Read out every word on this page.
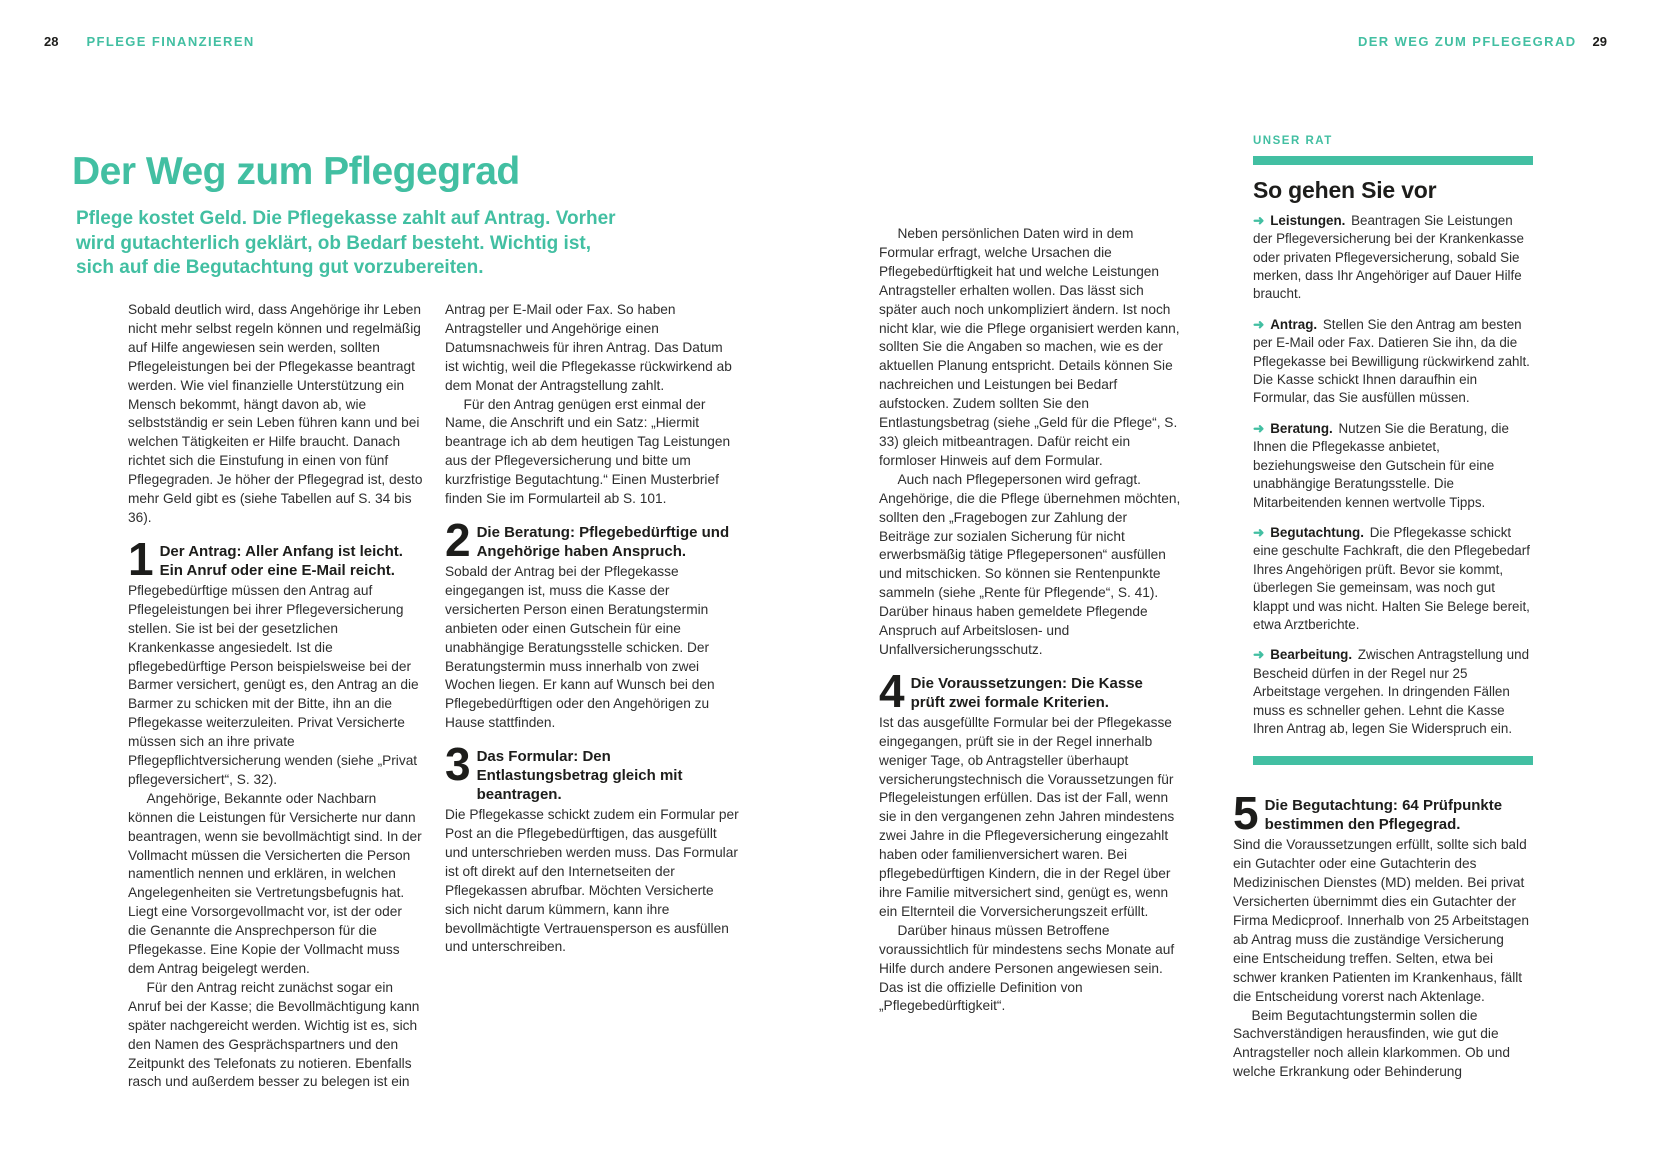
28 PFLEGE FINANZIEREN	DER WEG ZUM PFLEGEGRAD 29
Der Weg zum Pflegegrad

Pflege kostet Geld. Die Pflegekasse zahlt auf Antrag. Vorher wird gutachterlich geklärt, ob Bedarf besteht. Wichtig ist, sich auf die Begutachtung gut vorzubereiten.

Sobald deutlich wird, dass Angehörige ihr Leben nicht mehr selbst regeln können und regelmäßig auf Hilfe angewiesen sein werden, sollten Pflegeleistungen bei der Pflegekasse beantragt werden. Wie viel finanzielle Unterstützung ein Mensch bekommt, hängt davon ab, wie selbstständig er sein Leben führen kann und bei welchen Tätigkeiten er Hilfe braucht. Danach richtet sich die Einstufung in einen von fünf Pflegegraden. Je höher der Pflegegrad ist, desto mehr Geld gibt es (siehe Tabellen auf S. 34 bis 36).

1 Der Antrag: Aller Anfang ist leicht. Ein Anruf oder eine E-Mail reicht.

Pflegebedürftige müssen den Antrag auf Pflegeleistungen bei ihrer Pflegeversicherung stellen. Sie ist bei der gesetzlichen Krankenkasse angesiedelt. Ist die pflegebedürftige Person beispielsweise bei der Barmer versichert, genügt es, den Antrag an die Barmer zu schicken mit der Bitte, ihn an die Pflegekasse weiterzuleiten. Privat Versicherte müssen sich an ihre private Pflegepflichtversicherung wenden (siehe „Privat pflegeversichert“, S. 32).

Angehörige, Bekannte oder Nachbarn können die Leistungen für Versicherte nur dann beantragen, wenn sie bevollmächtigt sind. In der Vollmacht müssen die Versicherten die Person namentlich nennen und erklären, in welchen Angelegenheiten sie Vertretungsbefugnis hat. Liegt eine Vorsorgevollmacht vor, ist der oder die Genannte die Ansprechperson für die Pflegekasse. Eine Kopie der Vollmacht muss dem Antrag beigelegt werden.

Für den Antrag reicht zunächst sogar ein Anruf bei der Kasse; die Bevollmächtigung kann später nachgereicht werden. Wichtig ist es, sich den Namen des Gesprächspartners und den Zeitpunkt des Telefonats zu notieren. Ebenfalls rasch und außerdem besser zu belegen ist ein Antrag per E-Mail oder Fax. So haben Antragsteller und Angehörige einen Datumsnachweis für ihren Antrag. Das Datum ist wichtig, weil die Pflegekasse rückwirkend ab dem Monat der Antragstellung zahlt.

Für den Antrag genügen erst einmal der Name, die Anschrift und ein Satz: „Hiermit beantrage ich ab dem heutigen Tag Leistungen aus der Pflegeversicherung und bitte um kurzfristige Begutachtung.“ Einen Musterbrief finden Sie im Formularteil ab S. 101.

2 Die Beratung: Pflegebedürftige und Angehörige haben Anspruch.

Sobald der Antrag bei der Pflegekasse eingegangen ist, muss die Kasse der versicherten Person einen Beratungstermin anbieten oder einen Gutschein für eine unabhängige Beratungsstelle schicken. Der Beratungstermin muss innerhalb von zwei Wochen liegen. Er kann auf Wunsch bei den Pflegebedürftigen oder den Angehörigen zu Hause stattfinden.

3 Das Formular: Den Entlastungsbetrag gleich mit beantragen.

Die Pflegekasse schickt zudem ein Formular per Post an die Pflegebedürftigen, das ausgefüllt und unterschrieben werden muss. Das Formular ist oft direkt auf den Internetseiten der Pflegekassen abrufbar. Möchten Versicherte sich nicht darum kümmern, kann ihre bevollmächtigte Vertrauensperson es ausfüllen und unterschreiben.

Neben persönlichen Daten wird in dem Formular erfragt, welche Ursachen die Pflegebedürftigkeit hat und welche Leistungen Antragsteller erhalten wollen. Das lässt sich später auch noch unkompliziert ändern. Ist noch nicht klar, wie die Pflege organisiert werden kann, sollten Sie die Angaben so machen, wie es der aktuellen Planung entspricht. Details können Sie nachreichen und Leistungen bei Bedarf aufstocken. Zudem sollten Sie den Entlastungsbetrag (siehe „Geld für die Pflege“, S. 33) gleich mitbeantragen. Dafür reicht ein formloser Hinweis auf dem Formular.

Auch nach Pflegepersonen wird gefragt. Angehörige, die die Pflege übernehmen möchten, sollten den „Fragebogen zur Zahlung der Beiträge zur sozialen Sicherung für nicht erwerbsmäßig tätige Pflegepersonen“ ausfüllen und mitschicken. So können sie Rentenpunkte sammeln (siehe „Rente für Pflegende“, S. 41). Darüber hinaus haben gemeldete Pflegende Anspruch auf Arbeitslosen- und Unfallversicherungsschutz.

4 Die Voraussetzungen: Die Kasse prüft zwei formale Kriterien.

Ist das ausgefüllte Formular bei der Pflegekasse eingegangen, prüft sie in der Regel innerhalb weniger Tage, ob Antragsteller überhaupt versicherungstechnisch die Voraussetzungen für Pflegeleistungen erfüllen. Das ist der Fall, wenn sie in den vergangenen zehn Jahren mindestens zwei Jahre in die Pflegeversicherung eingezahlt haben oder familienversichert waren. Bei pflegebedürftigen Kindern, die in der Regel über ihre Familie mitversichert sind, genügt es, wenn ein Elternteil die Vorversicherungszeit erfüllt.

Darüber hinaus müssen Betroffene voraussichtlich für mindestens sechs Monate auf Hilfe durch andere Personen angewiesen sein. Das ist die offizielle Definition von „Pflegebedürftigkeit“.

UNSER RAT
So gehen Sie vor

➜ Leistungen. Beantragen Sie Leistungen der Pflegeversicherung bei der Krankenkasse oder privaten Pflegeversicherung, sobald Sie merken, dass Ihr Angehöriger auf Dauer Hilfe braucht.

➜ Antrag. Stellen Sie den Antrag am besten per E-Mail oder Fax. Datieren Sie ihn, da die Pflegekasse bei Bewilligung rückwirkend zahlt. Die Kasse schickt Ihnen daraufhin ein Formular, das Sie ausfüllen müssen.

➜ Beratung. Nutzen Sie die Beratung, die Ihnen die Pflegekasse anbietet, beziehungsweise den Gutschein für eine unabhängige Beratungsstelle. Die Mitarbeitenden kennen wertvolle Tipps.

➜ Begutachtung. Die Pflegekasse schickt eine geschulte Fachkraft, die den Pflegebedarf Ihres Angehörigen prüft. Bevor sie kommt, überlegen Sie gemeinsam, was noch gut klappt und was nicht. Halten Sie Belege bereit, etwa Arztberichte.

➜ Bearbeitung. Zwischen Antragstellung und Bescheid dürfen in der Regel nur 25 Arbeitstage vergehen. In dringenden Fällen muss es schneller gehen. Lehnt die Kasse Ihren Antrag ab, legen Sie Widerspruch ein.

5 Die Begutachtung: 64 Prüfpunkte bestimmen den Pflegegrad.

Sind die Voraussetzungen erfüllt, sollte sich bald ein Gutachter oder eine Gutachterin des Medizinischen Dienstes (MD) melden. Bei privat Versicherten übernimmt dies ein Gutachter der Firma Medicproof. Innerhalb von 25 Arbeitstagen ab Antrag muss die zuständige Versicherung eine Entscheidung treffen. Selten, etwa bei schwer kranken Patienten im Krankenhaus, fällt die Entscheidung vorerst nach Aktenlage.

Beim Begutachtungstermin sollen die Sachverständigen herausfinden, wie gut die Antragsteller noch allein klarkommen. Ob und welche Erkrankung oder Behinderung
